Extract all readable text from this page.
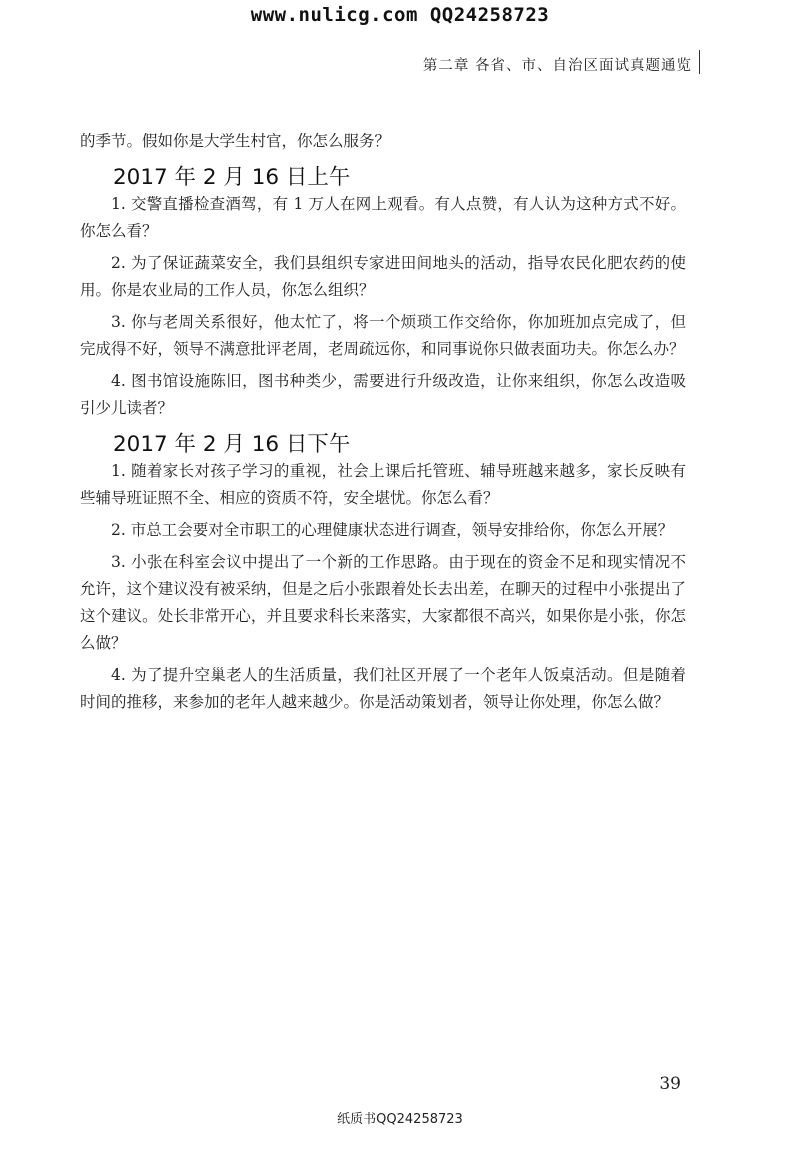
www.nulicg.com QQ24258723
第二章 各省、市、自治区面试真题通览

的季节。假如你是大学生村官，你怎么服务？

2017 年 2 月 16 日上午

1. 交警直播检查酒驾，有 1 万人在网上观看。有人点赞，有人认为这种方式不好。你怎么看？

2. 为了保证蔬菜安全，我们县组织专家进田间地头的活动，指导农民化肥农药的使用。你是农业局的工作人员，你怎么组织？

3. 你与老周关系很好，他太忙了，将一个烦琐工作交给你，你加班加点完成了，但完成得不好，领导不满意批评老周，老周疏远你，和同事说你只做表面功夫。你怎么办？

4. 图书馆设施陈旧，图书种类少，需要进行升级改造，让你来组织，你怎么改造吸引少儿读者？

2017 年 2 月 16 日下午

1. 随着家长对孩子学习的重视，社会上课后托管班、辅导班越来越多，家长反映有些辅导班证照不全、相应的资质不符，安全堪忧。你怎么看？

2. 市总工会要对全市职工的心理健康状态进行调查，领导安排给你，你怎么开展？

3. 小张在科室会议中提出了一个新的工作思路。由于现在的资金不足和现实情况不允许，这个建议没有被采纳，但是之后小张跟着处长去出差，在聊天的过程中小张提出了这个建议。处长非常开心，并且要求科长来落实，大家都很不高兴，如果你是小张，你怎么做？

4. 为了提升空巢老人的生活质量，我们社区开展了一个老年人饭桌活动。但是随着时间的推移，来参加的老年人越来越少。你是活动策划者，领导让你处理，你怎么做？

39
纸质书QQ24258723
